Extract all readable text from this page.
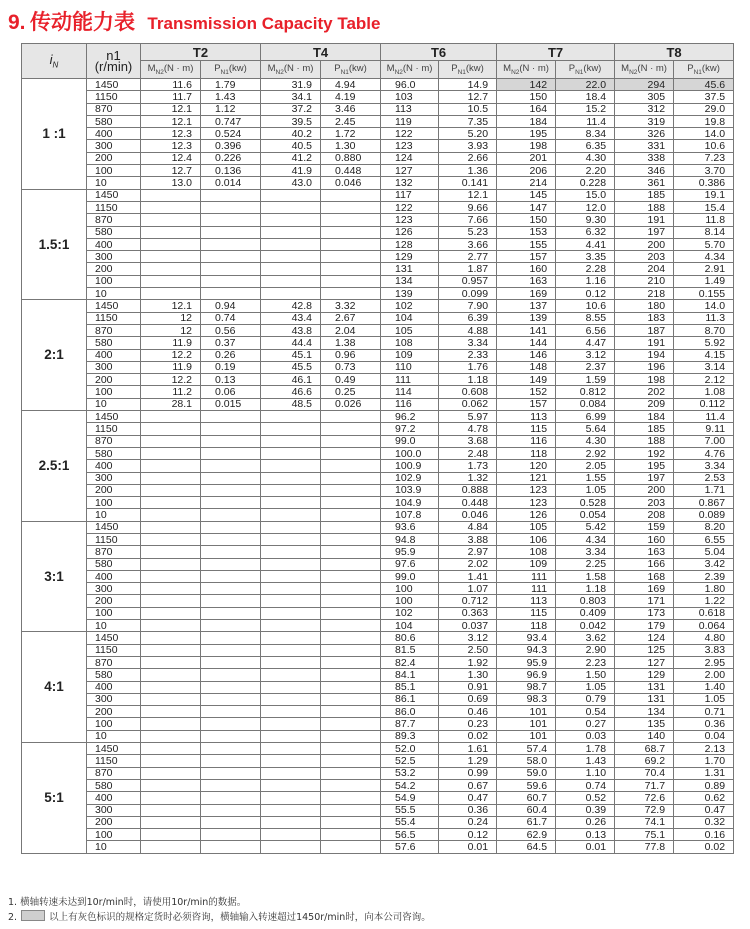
9. 传动能力表 Transmission Capacity Table
$i_N$	n1
(r/min)	T2		T4		T6		T7		T8	
		$M_{N2}(N \cdot m)$	$P_{N1}(kw)$	$M_{N2}(N \cdot m)$	$P_{N1}(kw)$	$M_{N2}(N \cdot m)$	$P_{N1}(kw)$	$M_{N2}(N \cdot m)$	$P_{N1}(kw)$	$M_{N2}(N \cdot m)$	$P_{N1}(kw)$
1 :1	1450	11.6	1.79	31.9	4.94	96.0	14.9	142	22.0	294	45.6
	1150	11.7	1.43	34.1	4.19	103	12.7	150	18.4	305	37.5
	870	12.1	1.12	37.2	3.46	113	10.5	164	15.2	312	29.0
	580	12.1	0.747	39.5	2.45	119	7.35	184	11.4	319	19.8
	400	12.3	0.524	40.2	1.72	122	5.20	195	8.34	326	14.0
	300	12.3	0.396	40.5	1.30	123	3.93	198	6.35	331	10.6
	200	12.4	0.226	41.2	0.880	124	2.66	201	4.30	338	7.23
	100	12.7	0.136	41.9	0.448	127	1.36	206	2.20	346	3.70
	10	13.0	0.014	43.0	0.046	132	0.141	214	0.228	361	0.386
1.5:1	1450					117	12.1	145	15.0	185	19.1
	1150					122	9.66	147	12.0	188	15.4
	870					123	7.66	150	9.30	191	11.8
	580					126	5.23	153	6.32	197	8.14
	400					128	3.66	155	4.41	200	5.70
	300					129	2.77	157	3.35	203	4.34
	200					131	1.87	160	2.28	204	2.91
	100					134	0.957	163	1.16	210	1.49
	10					139	0.099	169	0.12	218	0.155
2:1	1450	12.1	0.94	42.8	3.32	102	7.90	137	10.6	180	14.0
	1150	12	0.74	43.4	2.67	104	6.39	139	8.55	183	11.3
	870	12	0.56	43.8	2.04	105	4.88	141	6.56	187	8.70
	580	11.9	0.37	44.4	1.38	108	3.34	144	4.47	191	5.92
	400	12.2	0.26	45.1	0.96	109	2.33	146	3.12	194	4.15
	300	11.9	0.19	45.5	0.73	110	1.76	148	2.37	196	3.14
	200	12.2	0.13	46.1	0.49	111	1.18	149	1.59	198	2.12
	100	11.2	0.06	46.6	0.25	114	0.608	152	0.812	202	1.08
	10	28.1	0.015	48.5	0.026	116	0.062	157	0.084	209	0.112
2.5:1	1450					96.2	5.97	113	6.99	184	11.4
	1150					97.2	4.78	115	5.64	185	9.11
	870					99.0	3.68	116	4.30	188	7.00
	580					100.0	2.48	118	2.92	192	4.76
	400					100.9	1.73	120	2.05	195	3.34
	300					102.9	1.32	121	1.55	197	2.53
	200					103.9	0.888	123	1.05	200	1.71
	100					104.9	0.448	123	0.528	203	0.867
	10					107.8	0.046	126	0.054	208	0.089
3:1	1450					93.6	4.84	105	5.42	159	8.20
	1150					94.8	3.88	106	4.34	160	6.55
	870					95.9	2.97	108	3.34	163	5.04
	580					97.6	2.02	109	2.25	166	3.42
	400					99.0	1.41	111	1.58	168	2.39
	300					100	1.07	111	1.18	169	1.80
	200					100	0.712	113	0.803	171	1.22
	100					102	0.363	115	0.409	173	0.618
	10					104	0.037	118	0.042	179	0.064
4:1	1450					80.6	3.12	93.4	3.62	124	4.80
	1150					81.5	2.50	94.3	2.90	125	3.83
	870					82.4	1.92	95.9	2.23	127	2.95
	580					84.1	1.30	96.9	1.50	129	2.00
	400					85.1	0.91	98.7	1.05	131	1.40
	300					86.1	0.69	98.3	0.79	131	1.05
	200					86.0	0.46	101	0.54	134	0.71
	100					87.7	0.23	101	0.27	135	0.36
	10					89.3	0.02	101	0.03	140	0.04
5:1	1450					52.0	1.61	57.4	1.78	68.7	2.13
	1150					52.5	1.29	58.0	1.43	69.2	1.70
	870					53.2	0.99	59.0	1.10	70.4	1.31
	580					54.2	0.67	59.6	0.74	71.7	0.89
	400					54.9	0.47	60.7	0.52	72.6	0.62
	300					55.5	0.36	60.4	0.39	72.9	0.47
	200					55.4	0.24	61.7	0.26	74.1	0.32
	100					56.5	0.12	62.9	0.13	75.1	0.16
	10					57.6	0.01	64.5	0.01	77.8	0.02
1. 横轴转速未达到10r/min时，请使用10r/min的数据。
2.	以上有灰色标识的规格定货时必须咨询，横轴输入转速超过1450r/min时，向本公司咨询。
